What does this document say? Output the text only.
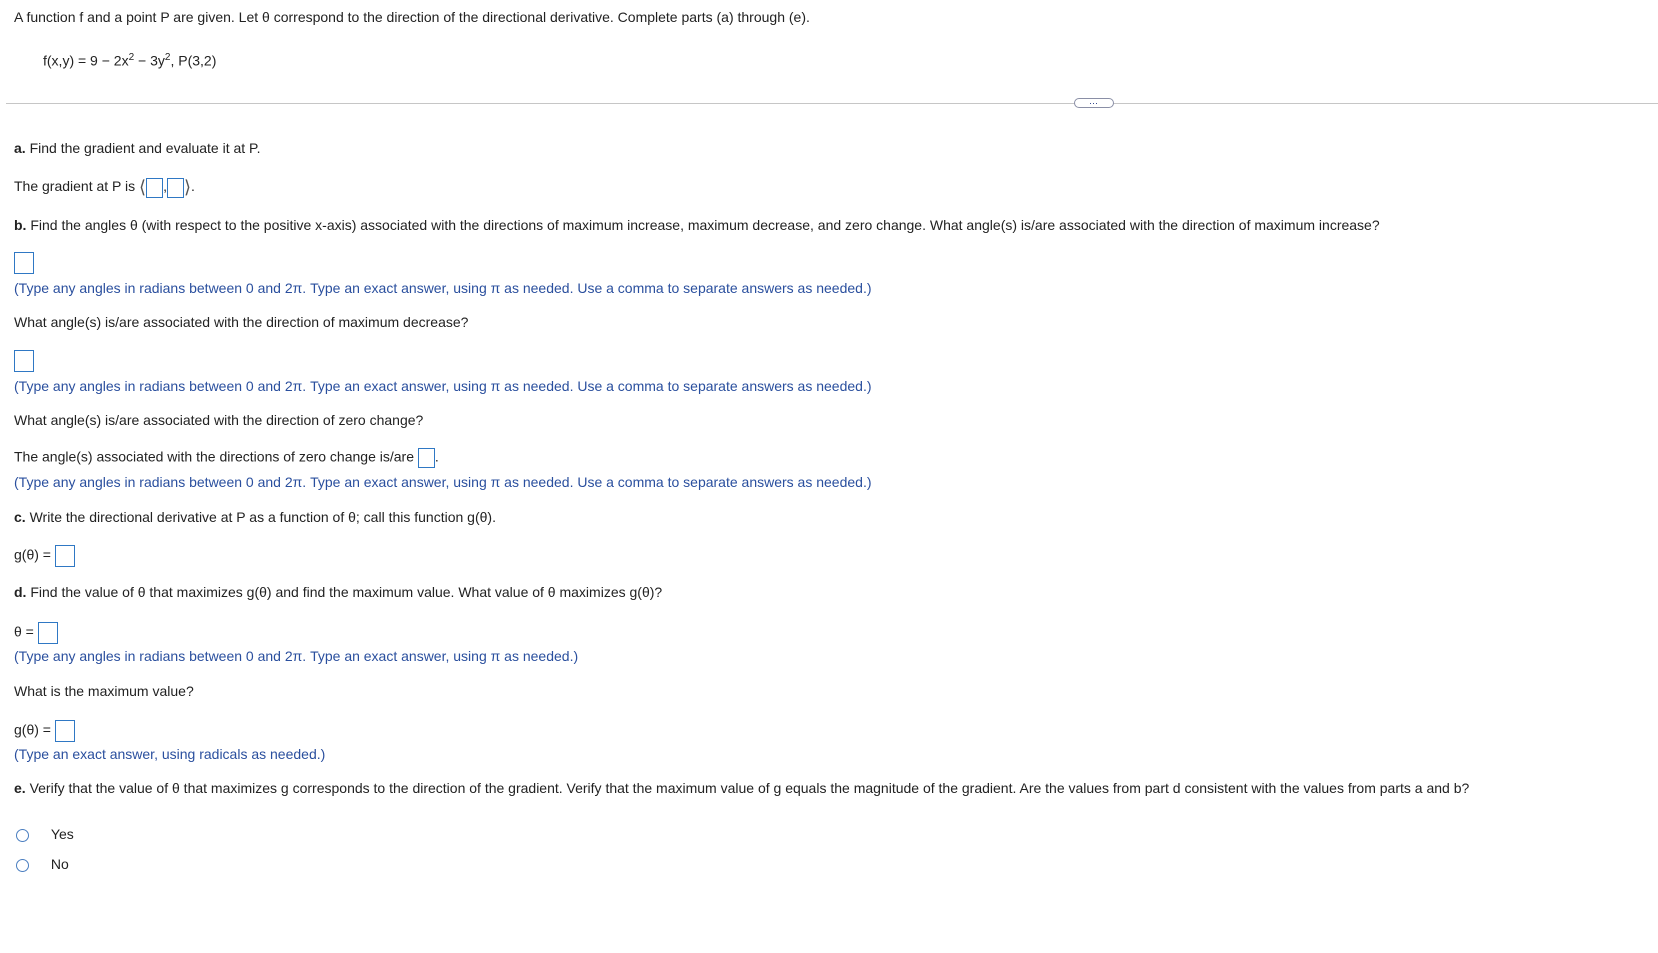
A function f and a point P are given. Let θ correspond to the direction of the directional derivative. Complete parts (a) through (e).
$f(x,y) = 9 - 2x^2 - 3y^2$, P(3,2)
⋯
a. Find the gradient and evaluate it at P.
The gradient at P is ⟨ , ⟩.
b. Find the angles θ (with respect to the positive x-axis) associated with the directions of maximum increase, maximum decrease, and zero change. What angle(s) is/are associated with the direction of maximum increase?
(Type any angles in radians between 0 and 2π. Type an exact answer, using π as needed. Use a comma to separate answers as needed.)
What angle(s) is/are associated with the direction of maximum decrease?
(Type any angles in radians between 0 and 2π. Type an exact answer, using π as needed. Use a comma to separate answers as needed.)
What angle(s) is/are associated with the direction of zero change?
The angle(s) associated with the directions of zero change is/are .
(Type any angles in radians between 0 and 2π. Type an exact answer, using π as needed. Use a comma to separate answers as needed.)
c. Write the directional derivative at P as a function of θ; call this function g(θ).
g(θ) =
d. Find the value of θ that maximizes g(θ) and find the maximum value. What value of θ maximizes g(θ)?
θ =
(Type any angles in radians between 0 and 2π. Type an exact answer, using π as needed.)
What is the maximum value?
g(θ) =
(Type an exact answer, using radicals as needed.)
e. Verify that the value of θ that maximizes g corresponds to the direction of the gradient. Verify that the maximum value of g equals the magnitude of the gradient. Are the values from part d consistent with the values from parts a and b?
Yes
No
